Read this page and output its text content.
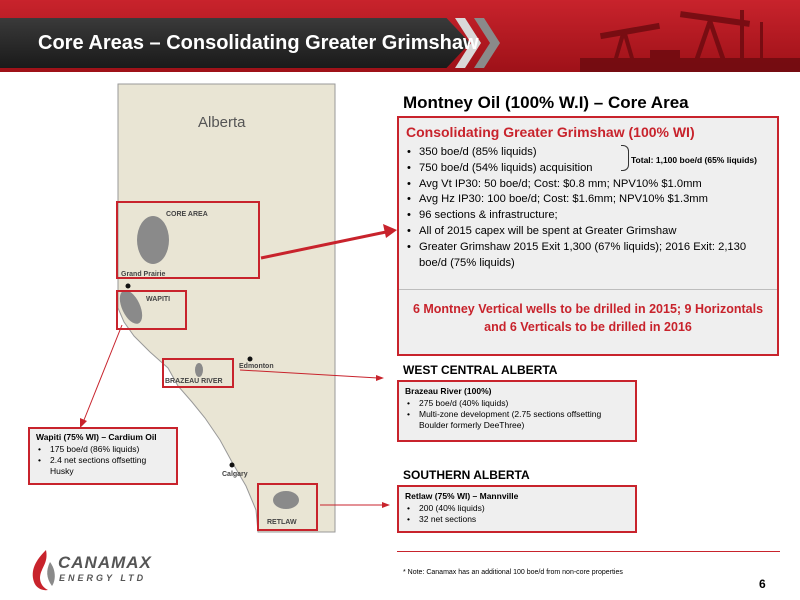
Core Areas – Consolidating Greater Grimshaw
Alberta
CORE AREA
Grand Prairie
WAPITI
Edmonton
BRAZEAU RIVER
Calgary
RETLAW
Wapiti (75% WI) – Cardium Oil
• 175 boe/d (86% liquids)
• 2.4 net sections offsetting Husky
Montney Oil (100% W.I) – Core Area
Consolidating Greater Grimshaw (100% WI)
• 350 boe/d (85% liquids)
• 750 boe/d (54% liquids) acquisition
• Avg Vt IP30: 50 boe/d; Cost: $0.8 mm; NPV10% $1.0mm
• Avg Hz IP30: 100 boe/d; Cost: $1.6mm; NPV10% $1.3mm
• 96 sections & infrastructure;
• All of 2015 capex will be spent at Greater Grimshaw
• Greater Grimshaw 2015 Exit 1,300 (67% liquids); 2016 Exit: 2,130 boe/d (75% liquids)
6 Montney Vertical wells to be drilled in 2015; 9 Horizontals and 6 Verticals to be drilled in 2016
Total: 1,100 boe/d (65% liquids)
WEST CENTRAL ALBERTA
Brazeau River (100%)
• 275 boe/d (40% liquids)
• Multi-zone development (2.75 sections offsetting Boulder formerly DeeThree)
SOUTHERN ALBERTA
Retlaw (75% WI) – Mannville
• 200 (40% liquids)
• 32 net sections
CANAMAX
ENERGY LTD
* Note: Canamax has an additional 100 boe/d from non-core properties
6
